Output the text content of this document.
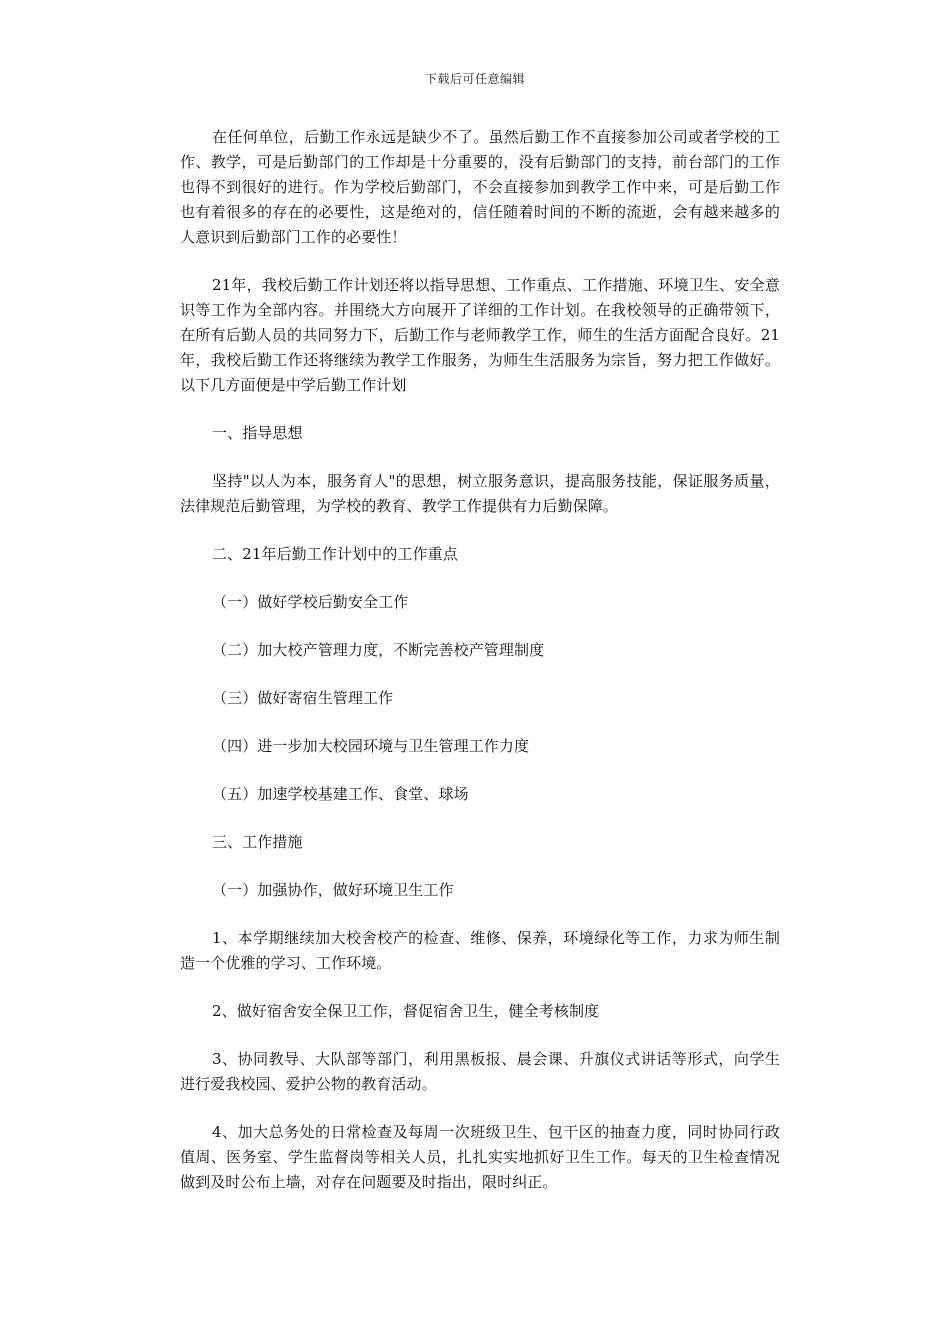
下载后可任意编辑

在任何单位，后勤工作永远是缺少不了。虽然后勤工作不直接参加公司或者学校的工作、教学，可是后勤部门的工作却是十分重要的，没有后勤部门的支持，前台部门的工作也得不到很好的进行。作为学校后勤部门，不会直接参加到教学工作中来，可是后勤工作也有着很多的存在的必要性，这是绝对的，信任随着时间的不断的流逝，会有越来越多的人意识到后勤部门工作的必要性！

21年，我校后勤工作计划还将以指导思想、工作重点、工作措施、环境卫生、安全意识等工作为全部内容。并围绕大方向展开了详细的工作计划。在我校领导的正确带领下，在所有后勤人员的共同努力下，后勤工作与老师教学工作，师生的生活方面配合良好。21年，我校后勤工作还将继续为教学工作服务，为师生生活服务为宗旨，努力把工作做好。以下几方面便是中学后勤工作计划

一、指导思想

坚持"以人为本，服务育人"的思想，树立服务意识，提高服务技能，保证服务质量，法律规范后勤管理，为学校的教育、教学工作提供有力后勤保障。

二、21年后勤工作计划中的工作重点

（一）做好学校后勤安全工作

（二）加大校产管理力度，不断完善校产管理制度

（三）做好寄宿生管理工作

（四）进一步加大校园环境与卫生管理工作力度

（五）加速学校基建工作、食堂、球场

三、工作措施

（一）加强协作，做好环境卫生工作

1、本学期继续加大校舍校产的检查、维修、保养，环境绿化等工作，力求为师生制造一个优雅的学习、工作环境。

2、做好宿舍安全保卫工作，督促宿舍卫生，健全考核制度

3、协同教导、大队部等部门，利用黑板报、晨会课、升旗仪式讲话等形式，向学生进行爱我校园、爱护公物的教育活动。

4、加大总务处的日常检查及每周一次班级卫生、包干区的抽查力度，同时协同行政值周、医务室、学生监督岗等相关人员，扎扎实实地抓好卫生工作。每天的卫生检查情况做到及时公布上墙，对存在问题要及时指出，限时纠正。
